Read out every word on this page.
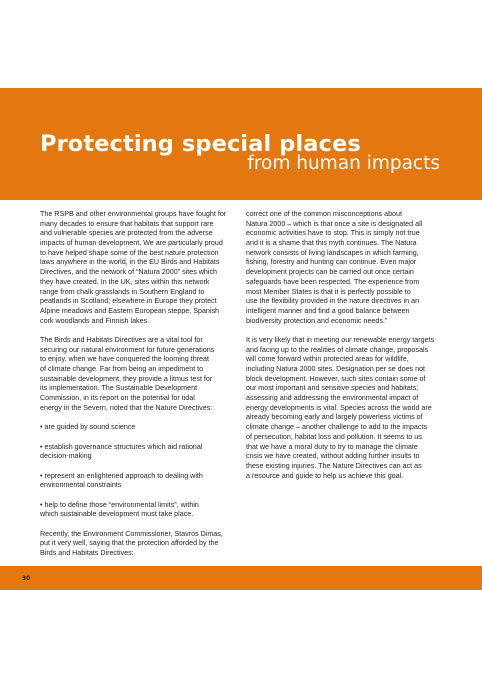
Protecting special places
from human impacts
The RSPB and other environmental groups have fought for
many decades to ensure that habitats that support rare
and vulnerable species are protected from the adverse
impacts of human development. We are particularly proud
to have helped shape some of the best nature protection
laws anywhere in the world, in the EU Birds and Habitats
Directives, and the network of “Natura 2000” sites which
they have created. In the UK, sites within this network
range from chalk grasslands in Southern England to
peatlands in Scotland; elsewhere in Europe they protect
Alpine meadows and Eastern European steppe, Spanish
cork woodlands and Finnish lakes.
The Birds and Habitats Directives are a vital tool for
securing our natural environment for future generations
to enjoy, when we have conquered the looming threat
of climate change. Far from being an impediment to
sustainable development, they provide a litmus test for
its implementation. The Sustainable Development
Commission, in its report on the potential for tidal
energy in the Severn, noted that the Nature Directives:
• are guided by sound science
• establish governance structures which aid rational
decision-making
• represent an enlightened approach to dealing with
environmental constraints
• help to define those “environmental limits”, within
which sustainable development must take place.
Recently, the Environment Commissioner, Stavros Dimas,
put it very well, saying that the protection afforded by the
Birds and Habitats Directives:
correct one of the common misconceptions about
Natura 2000 – which is that once a site is designated all
economic activities have to stop. This is simply not true
and it is a shame that this myth continues. The Natura
network consists of living landscapes in which farming,
fishing, forestry and hunting can continue. Even major
development projects can be carried out once certain
safeguards have been respected. The experience from
most Member States is that it is perfectly possible to
use the flexibility provided in the nature directives in an
intelligent manner and find a good balance between
biodiversity protection and economic needs.”
It is very likely that in meeting our renewable energy targets
and facing up to the realities of climate change, proposals
will come forward within protected areas for wildlife,
including Natura 2000 sites. Designation per se does not
block development. However, such sites contain some of
our most important and sensitive species and habitats;
assessing and addressing the environmental impact of
energy developments is vital. Species across the world are
already becoming early and largely powerless victims of
climate change – another challenge to add to the impacts
of persecution, habitat loss and pollution. It seems to us
that we have a moral duty to try to manage the climate
crisis we have created, without adding further insults to
these existing injuries. The Nature Directives can act as
a resource and guide to help us achieve this goal.
30
